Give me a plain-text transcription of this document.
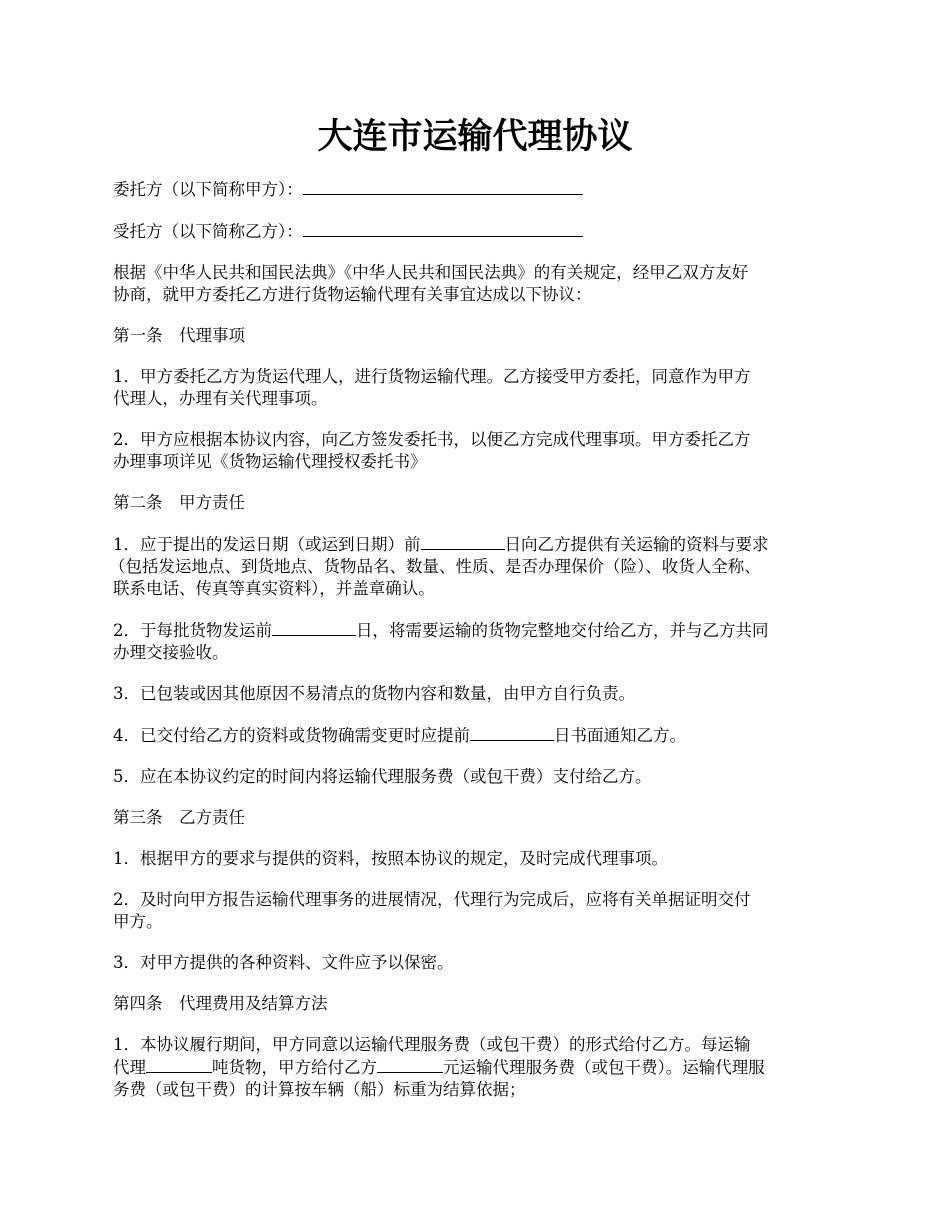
大连市运输代理协议

委托方（以下简称甲方）：

受托方（以下简称乙方）：

根据《中华人民共和国民法典》《中华人民共和国民法典》的有关规定，经甲乙双方友好
协商，就甲方委托乙方进行货物运输代理有关事宜达成以下协议：

第一条　代理事项

1．甲方委托乙方为货运代理人，进行货物运输代理。乙方接受甲方委托，同意作为甲方
代理人，办理有关代理事项。

2．甲方应根据本协议内容，向乙方签发委托书，以便乙方完成代理事项。甲方委托乙方
办理事项详见《货物运输代理授权委托书》

第二条　甲方责任

1．应于提出的发运日期（或运到日期）前	日向乙方提供有关运输的资料与要求
（包括发运地点、到货地点、货物品名、数量、性质、是否办理保价（险）、收货人全称、
联系电话、传真等真实资料），并盖章确认。

2．于每批货物发运前	日，将需要运输的货物完整地交付给乙方，并与乙方共同
办理交接验收。

3．已包装或因其他原因不易清点的货物内容和数量，由甲方自行负责。

4．已交付给乙方的资料或货物确需变更时应提前	日书面通知乙方。

5．应在本协议约定的时间内将运输代理服务费（或包干费）支付给乙方。

第三条　乙方责任

1．根据甲方的要求与提供的资料，按照本协议的规定，及时完成代理事项。

2．及时向甲方报告运输代理事务的进展情况，代理行为完成后，应将有关单据证明交付
甲方。

3．对甲方提供的各种资料、文件应予以保密。

第四条　代理费用及结算方法

1．本协议履行期间，甲方同意以运输代理服务费（或包干费）的形式给付乙方。每运输
代理	吨货物，甲方给付乙方	元运输代理服务费（或包干费）。运输代理服
务费（或包干费）的计算按车辆（船）标重为结算依据；
